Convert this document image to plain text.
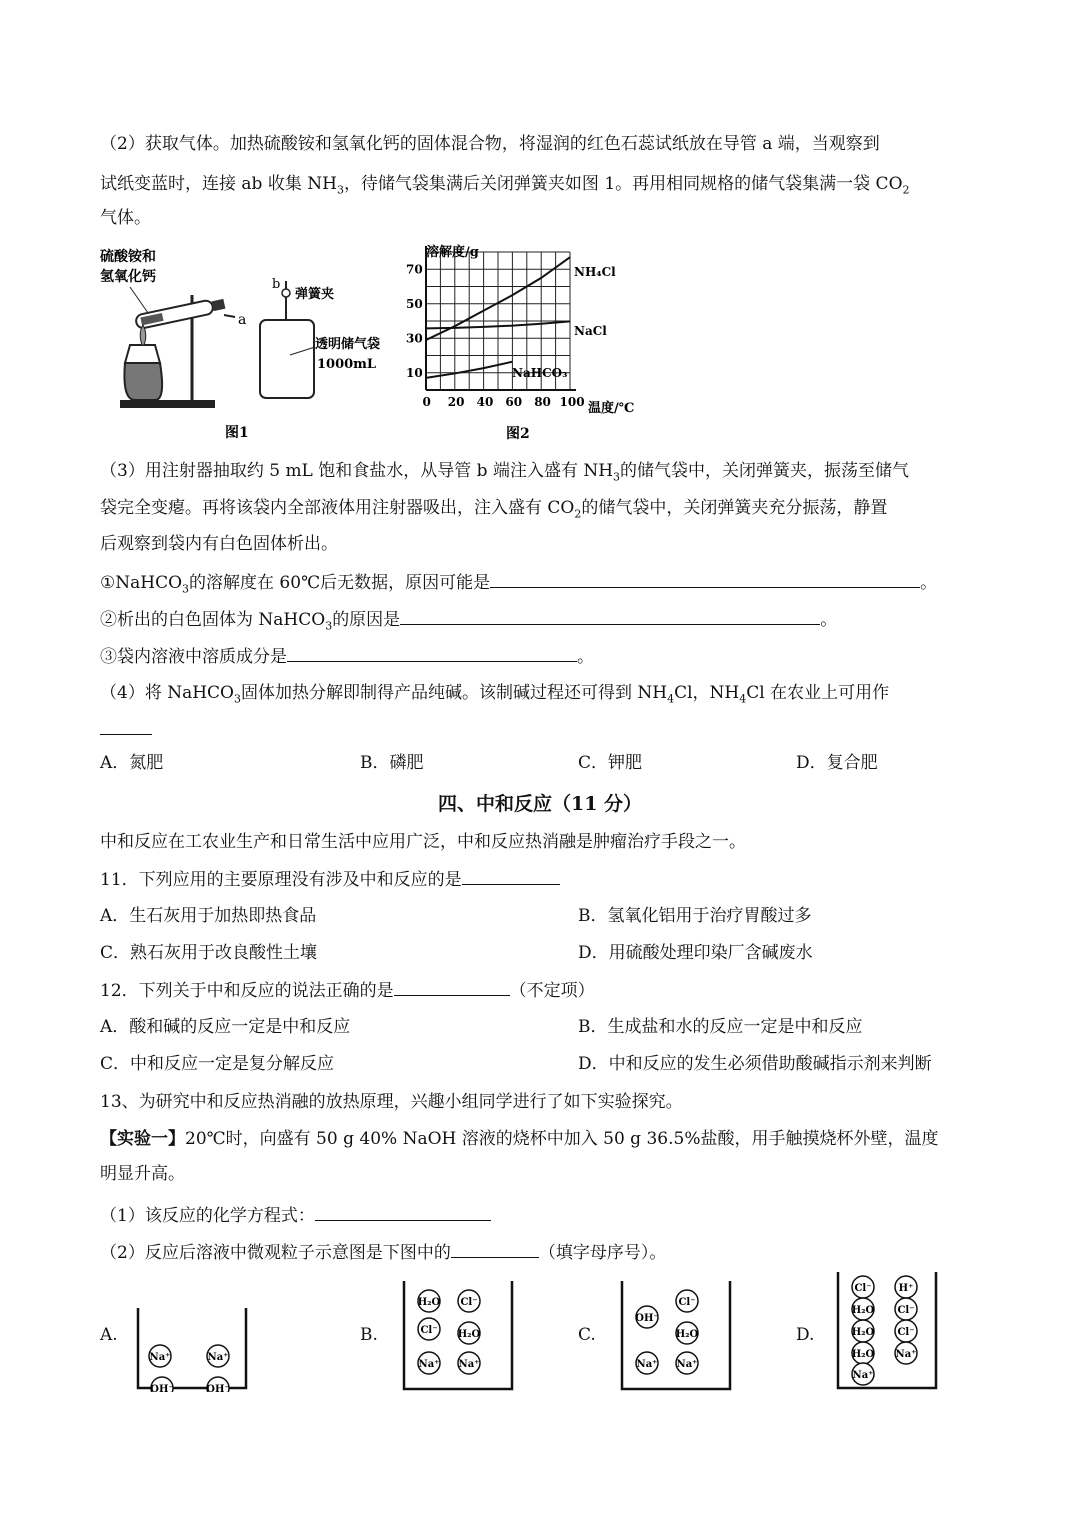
（2）获取气体。加热硫酸铵和氢氧化钙的固体混合物，将湿润的红色石蕊试纸放在导管 a 端，当观察到
试纸变蓝时，连接 ab 收集 $NH_3$，待储气袋集满后关闭弹簧夹如图 1。再用相同规格的储气袋集满一袋 $CO_2$
气体。
a
硫酸铵和
氢氧化钙	b
弹簧夹
透明储气袋
1000mL
图1
0 20 40 60 80 100
10
30
50
70
溶解度/g
温度/℃
图2
NH₄Cl
NaCl
NaHCO₃
（3）用注射器抽取约 5 mL 饱和食盐水，从导管 b 端注入盛有 $NH_3$的储气袋中，关闭弹簧夹，振荡至储气
袋完全变瘪。再将该袋内全部液体用注射器吸出，注入盛有 $CO_2$的储气袋中，关闭弹簧夹充分振荡，静置
后观察到袋内有白色固体析出。
①NaHCO$_3$的溶解度在 60℃后无数据，原因可能是	。
②析出的白色固体为 NaHCO$_3$的原因是	。
③袋内溶液中溶质成分是	。
（4）将 NaHCO$_3$固体加热分解即制得产品纯碱。该制碱过程还可得到 $NH_4Cl$，$NH_4Cl$ 在农业上可用作
A．氮肥	B．磷肥	C．钾肥	D．复合肥
四、中和反应（11 分）
中和反应在工农业生产和日常生活中应用广泛，中和反应热消融是肿瘤治疗手段之一。
11．下列应用的主要原理没有涉及中和反应的是
A．生石灰用于加热即热食品	B．氢氧化铝用于治疗胃酸过多
C．熟石灰用于改良酸性土壤	D．用硫酸处理印染厂含碱废水
12．下列关于中和反应的说法正确的是	（不定项）
A．酸和碱的反应一定是中和反应	B．生成盐和水的反应一定是中和反应
C．中和反应一定是复分解反应	D．中和反应的发生必须借助酸碱指示剂来判断
13、为研究中和反应热消融的放热原理，兴趣小组同学进行了如下实验探究。
【实验一】20℃时，向盛有 50 g 40% NaOH 溶液的烧杯中加入 50 g 36.5%盐酸，用手触摸烧杯外壁，温度
明显升高。
（1）该反应的化学方程式：
（2）反应后溶液中微观粒子示意图是下图中的	（填字母序号）。
A.
Na⁺	Na⁺
OH⁻	OH⁻
B.
H₂O Cl⁻
Cl⁻ H₂O
Na⁺ Na⁺
C.
Cl⁻
OH⁻
H₂O
Na⁺ Na⁺
D.
Cl⁻	H⁺
H₂O Cl⁻
H₂O Cl⁻
H₂O Na⁺
Na⁺
